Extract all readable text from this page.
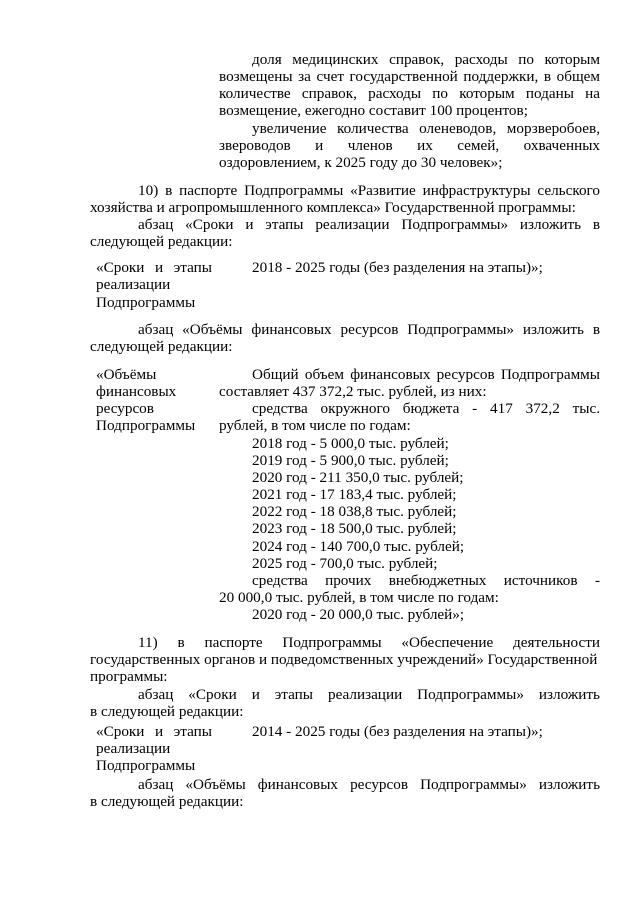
доля медицинских справок, расходы по которым
возмещены за счет государственной поддержки, в общем
количестве справок, расходы по которым поданы на
возмещение, ежегодно составит 100 процентов;
увеличение количества оленеводов, морзверобоев,
звероводов и членов их семей, охваченных
оздоровлением, к 2025 году до 30 человек»;
10) в паспорте Подпрограммы «Развитие инфраструктуры сельского
хозяйства и агропромышленного комплекса» Государственной программы:
абзац «Сроки и этапы реализации Подпрограммы» изложить в
следующей редакции:
«Сроки и этапы
реализации
Подпрограммы
2018 - 2025 годы (без разделения на этапы)»;
абзац «Объёмы финансовых ресурсов Подпрограммы» изложить в
следующей редакции:
«Объёмы
финансовых
ресурсов
Подпрограммы
Общий объем финансовых ресурсов Подпрограммы
составляет 437 372,2 тыс. рублей, из них:
средства окружного бюджета - 417 372,2 тыс.
рублей, в том числе по годам:
2018 год - 5 000,0 тыс. рублей;
2019 год - 5 900,0 тыс. рублей;
2020 год - 211 350,0 тыс. рублей;
2021 год - 17 183,4 тыс. рублей;
2022 год - 18 038,8 тыс. рублей;
2023 год - 18 500,0 тыс. рублей;
2024 год - 140 700,0 тыс. рублей;
2025 год - 700,0 тыс. рублей;
средства прочих внебюджетных источников -
20 000,0 тыс. рублей, в том числе по годам:
2020 год - 20 000,0 тыс. рублей»;
11) в паспорте Подпрограммы «Обеспечение деятельности
государственных органов и подведомственных учреждений» Государственной
программы:
абзац «Сроки и этапы реализации Подпрограммы» изложить
в следующей редакции:
«Сроки и этапы
реализации
Подпрограммы
2014 - 2025 годы (без разделения на этапы)»;
абзац «Объёмы финансовых ресурсов Подпрограммы» изложить
в следующей редакции:
